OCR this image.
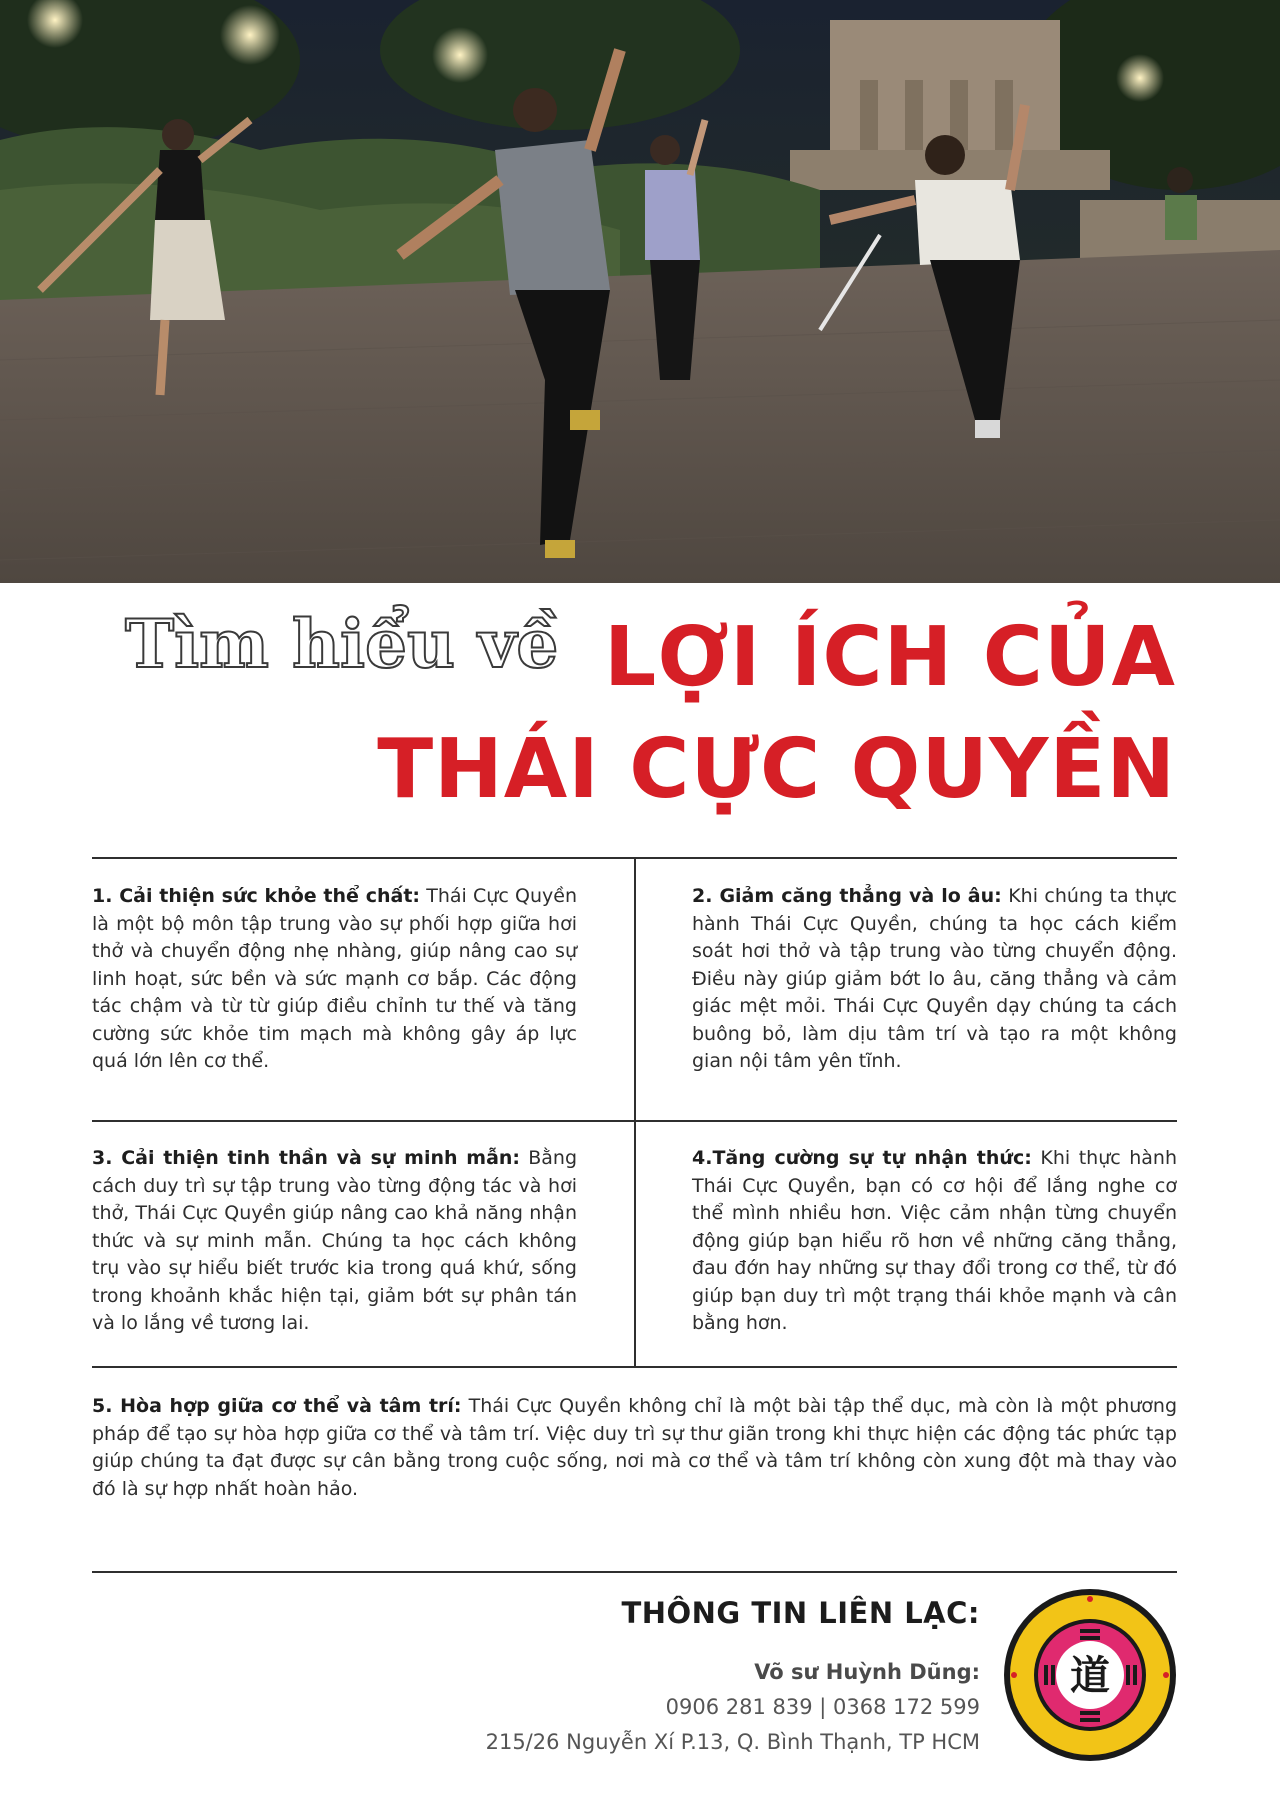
Tìm hiểu về LỢI ÍCH CỦA
THÁI CỰC QUYỀN
1. Cải thiện sức khỏe thể chất: Thái Cực Quyền là một bộ môn tập trung vào sự phối hợp giữa hơi thở và chuyển động nhẹ nhàng, giúp nâng cao sự linh hoạt, sức bền và sức mạnh cơ bắp. Các động tác chậm và từ từ giúp điều chỉnh tư thế và tăng cường sức khỏe tim mạch mà không gây áp lực quá lớn lên cơ thể.
2. Giảm căng thẳng và lo âu: Khi chúng ta thực hành Thái Cực Quyền, chúng ta học cách kiểm soát hơi thở và tập trung vào từng chuyển động. Điều này giúp giảm bớt lo âu, căng thẳng và cảm giác mệt mỏi. Thái Cực Quyền dạy chúng ta cách buông bỏ, làm dịu tâm trí và tạo ra một không gian nội tâm yên tĩnh.
3. Cải thiện tinh thần và sự minh mẫn: Bằng cách duy trì sự tập trung vào từng động tác và hơi thở, Thái Cực Quyền giúp nâng cao khả năng nhận thức và sự minh mẫn. Chúng ta học cách không trụ vào sự hiểu biết trước kia trong quá khứ, sống trong khoảnh khắc hiện tại, giảm bớt sự phân tán và lo lắng về tương lai.
4.Tăng cường sự tự nhận thức: Khi thực hành Thái Cực Quyền, bạn có cơ hội để lắng nghe cơ thể mình nhiều hơn. Việc cảm nhận từng chuyển động giúp bạn hiểu rõ hơn về những căng thẳng, đau đớn hay những sự thay đổi trong cơ thể, từ đó giúp bạn duy trì một trạng thái khỏe mạnh và cân bằng hơn.
5. Hòa hợp giữa cơ thể và tâm trí: Thái Cực Quyền không chỉ là một bài tập thể dục, mà còn là một phương pháp để tạo sự hòa hợp giữa cơ thể và tâm trí. Việc duy trì sự thư giãn trong khi thực hiện các động tác phức tạp giúp chúng ta đạt được sự cân bằng trong cuộc sống, nơi mà cơ thể và tâm trí không còn xung đột mà thay vào đó là sự hợp nhất hoàn hảo.
THÔNG TIN LIÊN LẠC:
Võ sư Huỳnh Dũng:
0906 281 839 | 0368 172 599
215/26 Nguyễn Xí P.13, Q. Bình Thạnh, TP HCM
道
